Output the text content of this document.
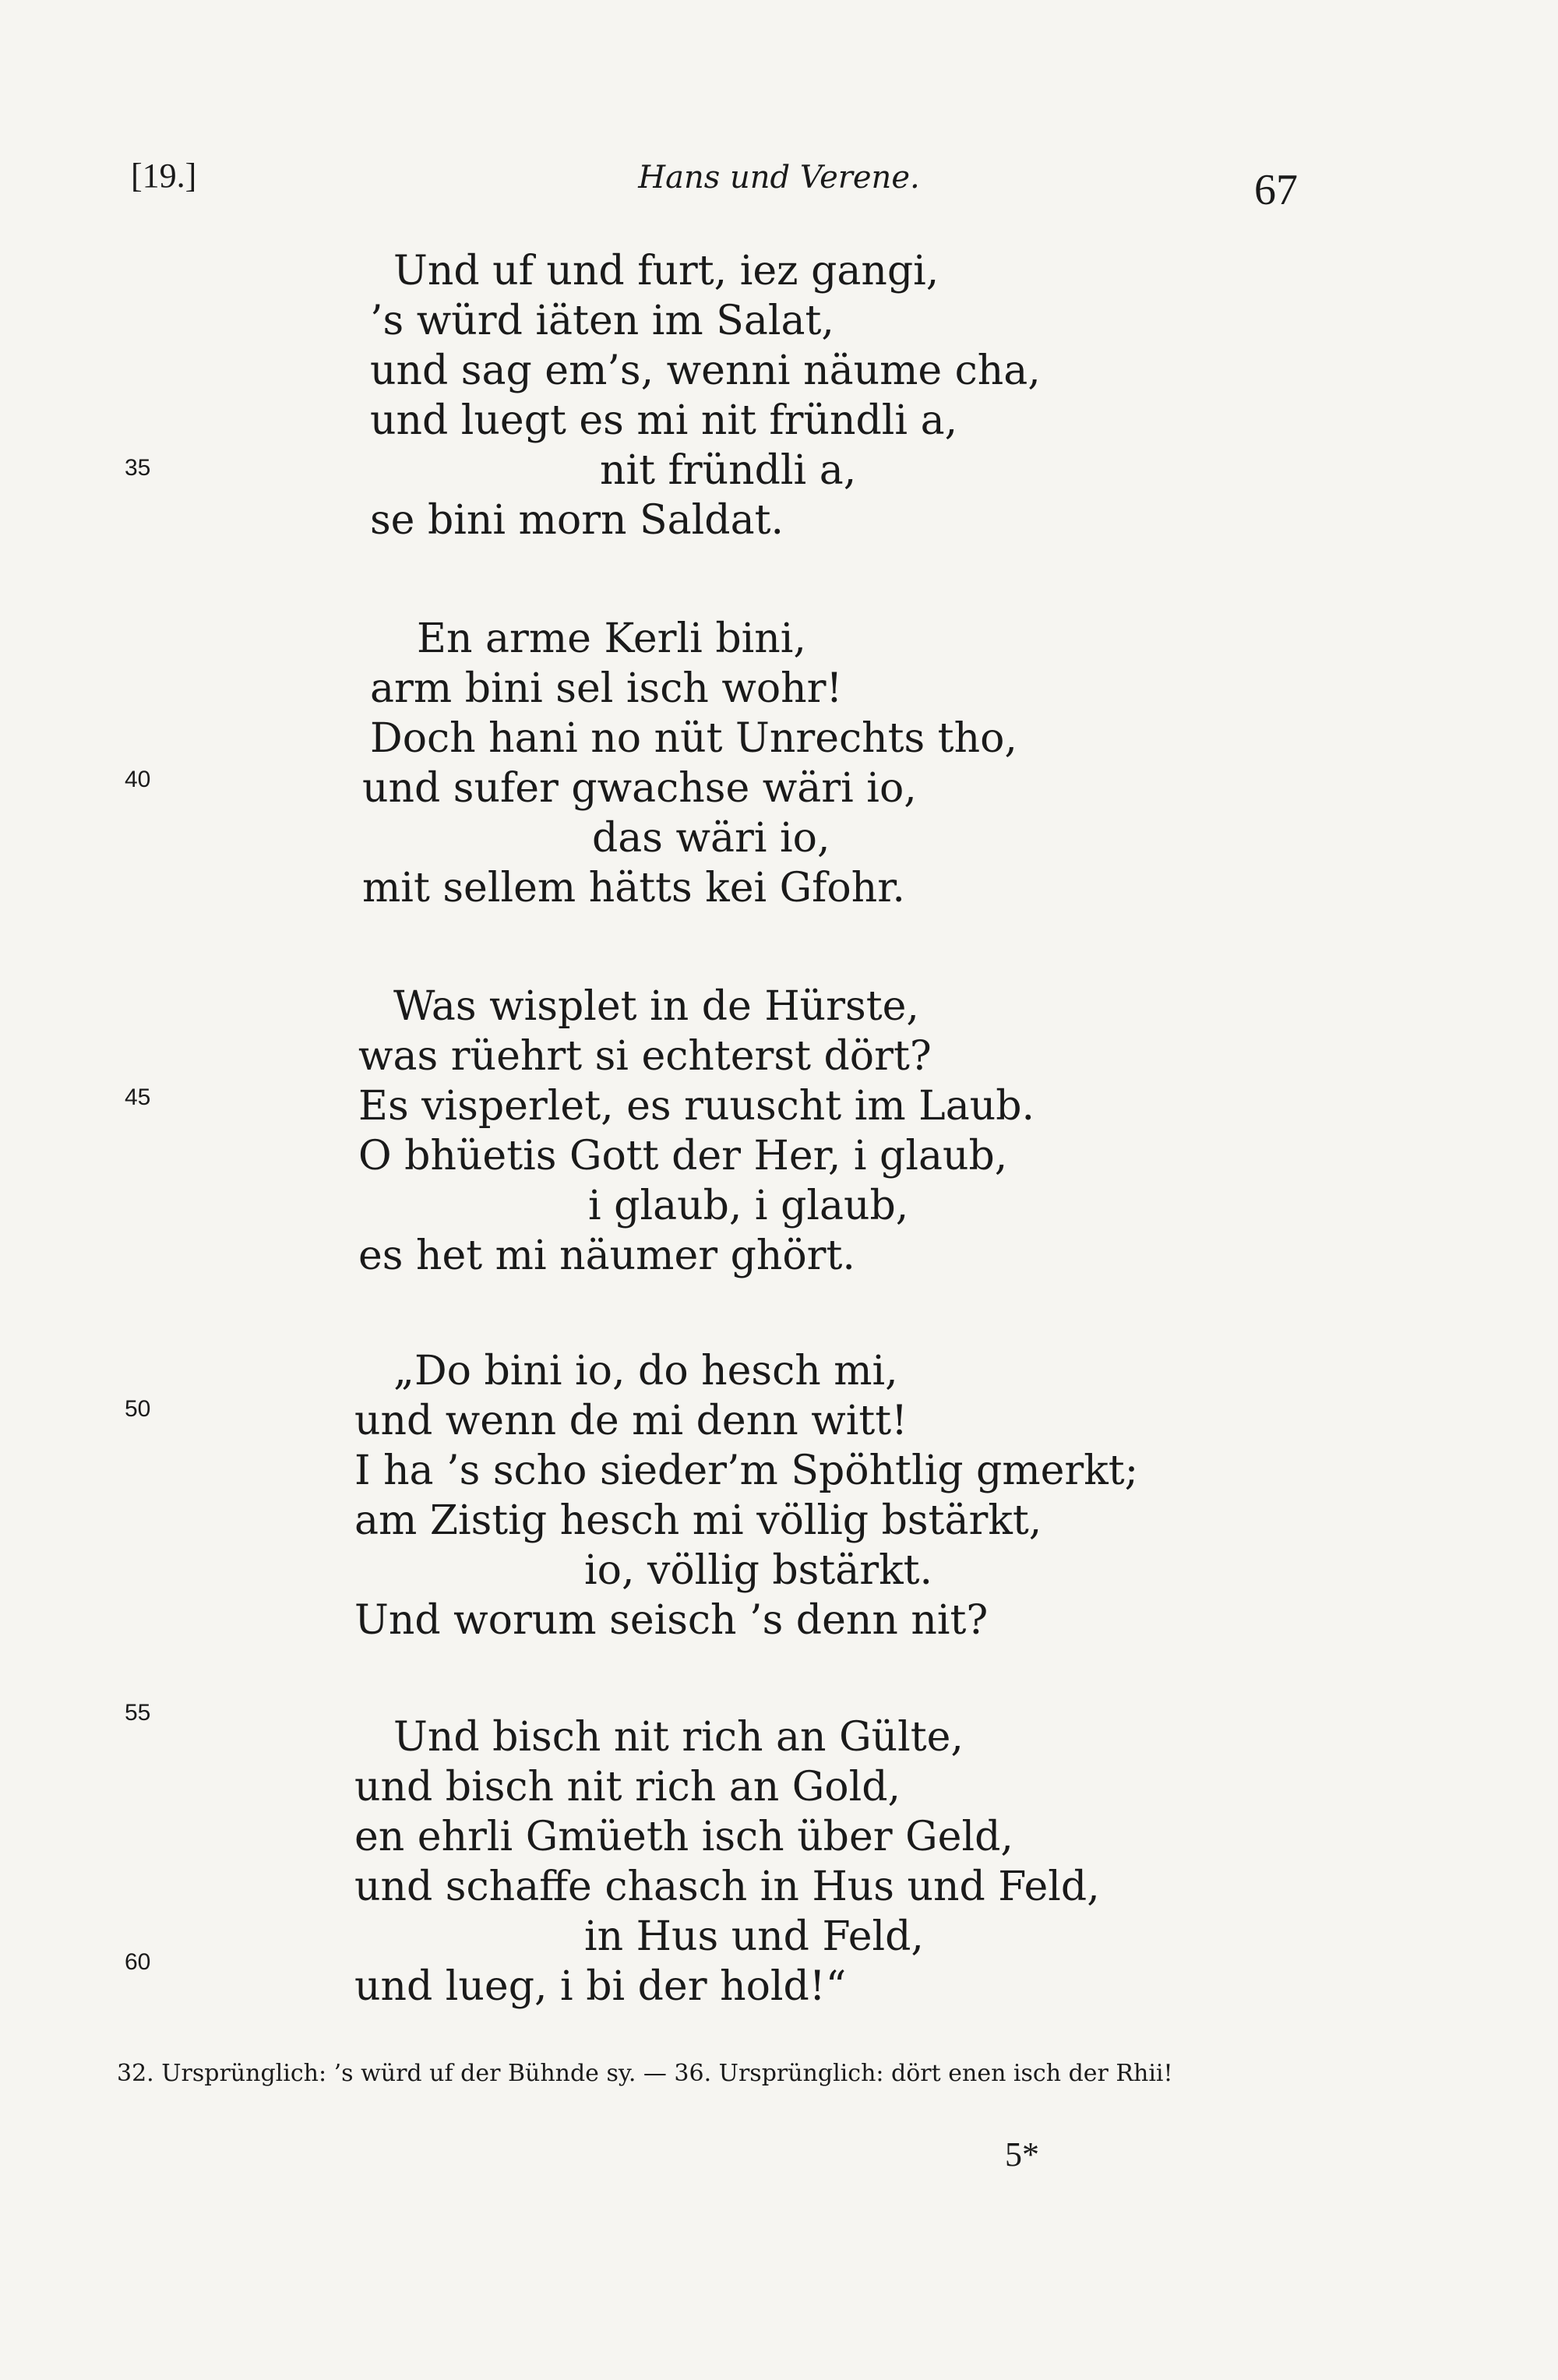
[19.]	Hans und Verene.	67
Und uf und furt, iez gangi,
’s würd iäten im Salat,
und sag em’s, wenni näume cha,
und luegt es mi nit fründli a,
nit fründli a,
se bini morn Saldat.
En arme Kerli bini,
arm bini sel isch wohr!
Doch hani no nüt Unrechts tho,
und sufer gwachse wäri io,
das wäri io,
mit sellem hätts kei Gfohr.
Was wisplet in de Hürste,
was rüehrt si echterst dört?
Es visperlet, es ruuscht im Laub.
O bhüetis Gott der Her, i glaub,
i glaub, i glaub,
es het mi näumer ghört.
„Do bini io, do hesch mi,
und wenn de mi denn witt!
I ha ’s scho sieder’m Spöhtlig gmerkt;
am Zistig hesch mi völlig bstärkt,
io, völlig bstärkt.
Und worum seisch ’s denn nit?
Und bisch nit rich an Gülte,
und bisch nit rich an Gold,
en ehrli Gmüeth isch über Geld,
und schaffe chasch in Hus und Feld,
in Hus und Feld,
und lueg, i bi der hold!“
35
40
45
50
55
60
32. Ursprünglich: ’s würd uf der Bühnde sy. — 36. Ursprünglich: dört enen isch der Rhii!
5*
